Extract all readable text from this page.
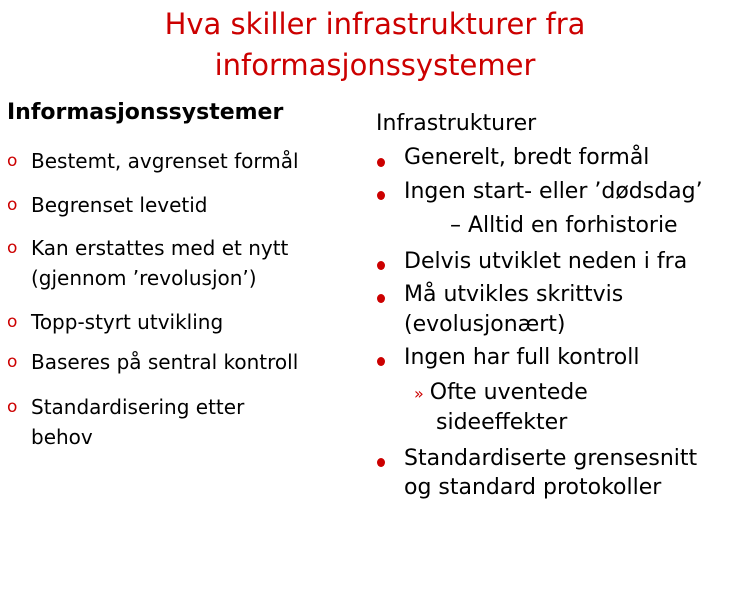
Hva skiller infrastrukturer fra
informasjonssystemer
Informasjonssystemer
o Bestemt, avgrenset formål
o Begrenset levetid
o Kan erstattes med et nytt
(gjennom ’revolusjon’)
o Topp-styrt utvikling
o Baseres på sentral kontroll
o Standardisering etter
behov
Infrastrukturer
Generelt, bredt formål
Ingen start- eller ’dødsdag’
– Alltid en forhistorie
Delvis utviklet neden i fra
Må utvikles skrittvis
(evolusjonært)
Ingen har full kontroll
» Ofte uventede
sideeffekter
Standardiserte grensesnitt
og standard protokoller
